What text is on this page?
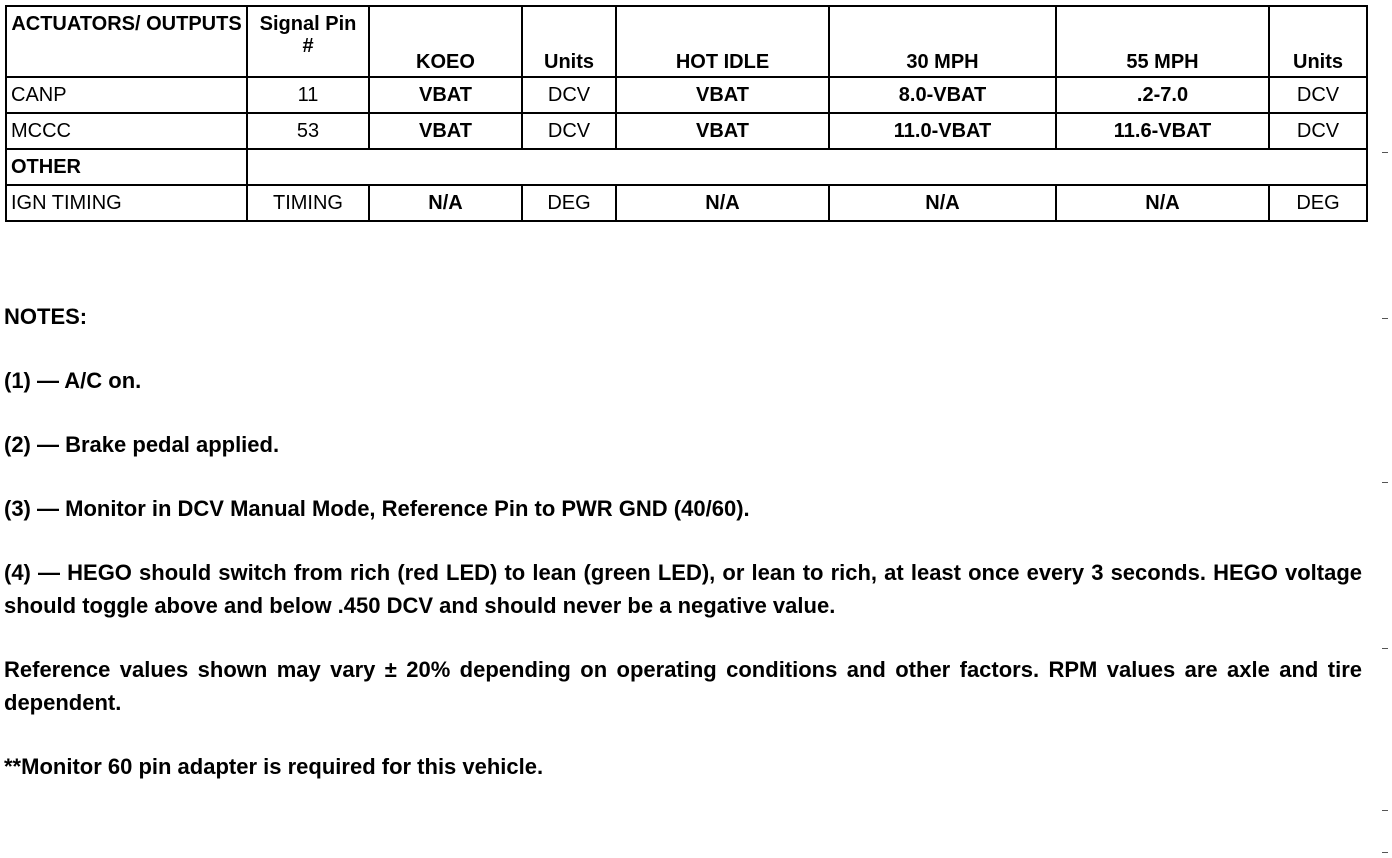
ACTUATORS/ OUTPUTS	Signal Pin #	KOEO	Units	HOT IDLE	30 MPH	55 MPH	Units
CANP	11	VBAT	DCV	VBAT	8.0-VBAT	.2-7.0	DCV
MCCC	53	VBAT	DCV	VBAT	11.0-VBAT	11.6-VBAT	DCV
OTHER							
IGN TIMING	TIMING	N/A	DEG	N/A	N/A	N/A	DEG

NOTES:

(1) — A/C on.

(2) — Brake pedal applied.

(3) — Monitor in DCV Manual Mode, Reference Pin to PWR GND (40/60).

(4) — HEGO should switch from rich (red LED) to lean (green LED), or lean to rich, at least once every 3 seconds. HEGO voltage should toggle above and below .450 DCV and should never be a negative value.

Reference values shown may vary ± 20% depending on operating conditions and other factors. RPM values are axle and tire dependent.

**Monitor 60 pin adapter is required for this vehicle.
